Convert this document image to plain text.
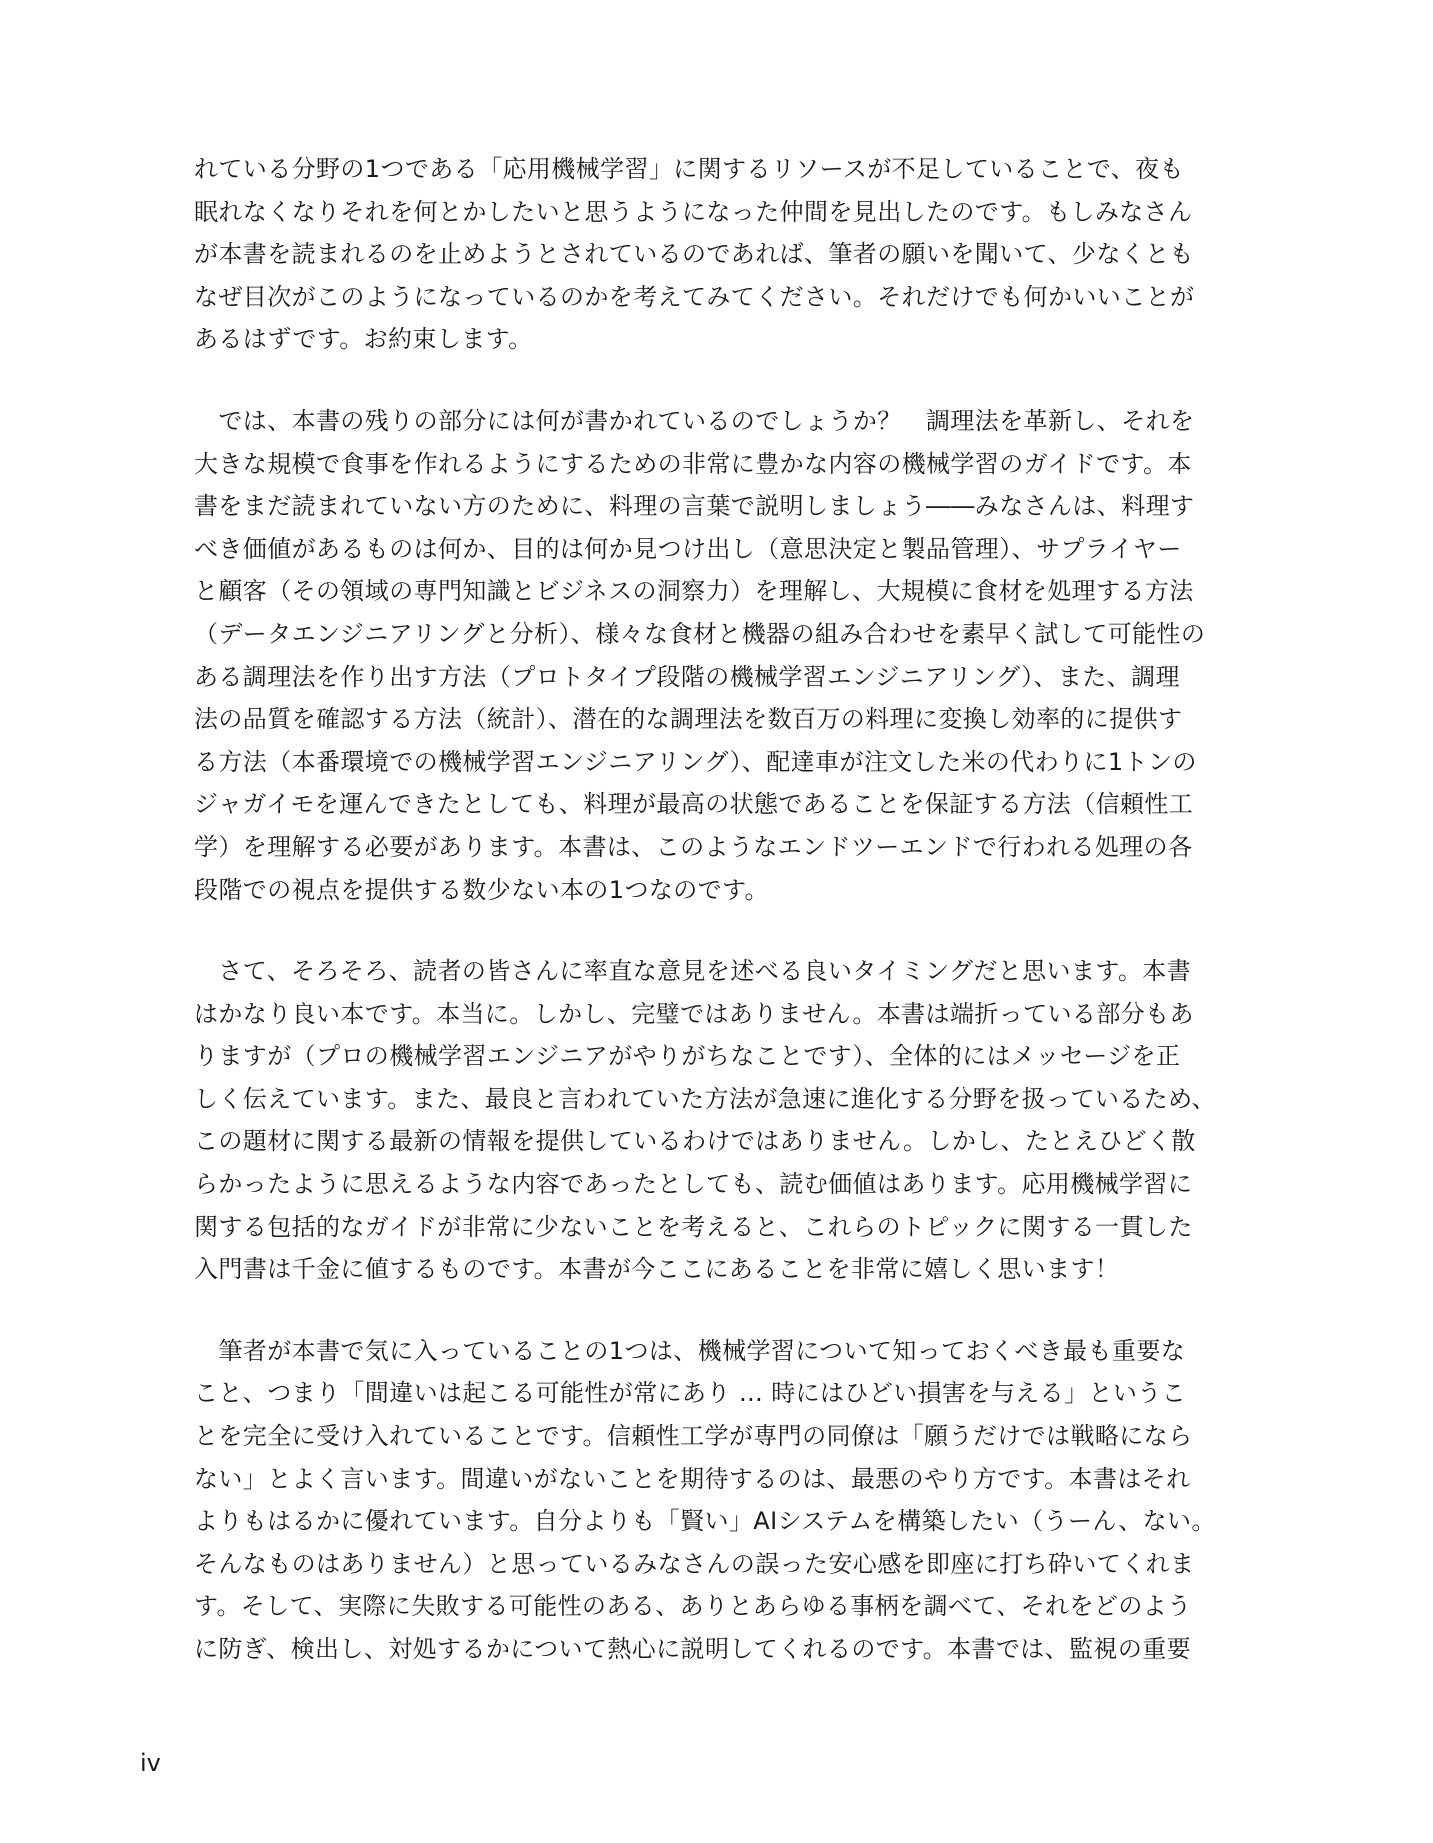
れている分野の1つである「応用機械学習」に関するリソースが不足していることで、夜も
眠れなくなりそれを何とかしたいと思うようになった仲間を見出したのです。もしみなさん
が本書を読まれるのを止めようとされているのであれば、筆者の願いを聞いて、少なくとも
なぜ目次がこのようになっているのかを考えてみてください。それだけでも何かいいことが
あるはずです。お約束します。
　では、本書の残りの部分には何が書かれているのでしょうか？　調理法を革新し、それを
大きな規模で食事を作れるようにするための非常に豊かな内容の機械学習のガイドです。本
書をまだ読まれていない方のために、料理の言葉で説明しましょう――みなさんは、料理す
べき価値があるものは何か、目的は何か見つけ出し（意思決定と製品管理）、サプライヤー
と顧客（その領域の専門知識とビジネスの洞察力）を理解し、大規模に食材を処理する方法
（データエンジニアリングと分析）、様々な食材と機器の組み合わせを素早く試して可能性の
ある調理法を作り出す方法（プロトタイプ段階の機械学習エンジニアリング）、また、調理
法の品質を確認する方法（統計）、潜在的な調理法を数百万の料理に変換し効率的に提供す
る方法（本番環境での機械学習エンジニアリング）、配達車が注文した米の代わりに1トンの
ジャガイモを運んできたとしても、料理が最高の状態であることを保証する方法（信頼性工
学）を理解する必要があります。本書は、このようなエンドツーエンドで行われる処理の各
段階での視点を提供する数少ない本の1つなのです。
　さて、そろそろ、読者の皆さんに率直な意見を述べる良いタイミングだと思います。本書
はかなり良い本です。本当に。しかし、完璧ではありません。本書は端折っている部分もあ
りますが（プロの機械学習エンジニアがやりがちなことです）、全体的にはメッセージを正
しく伝えています。また、最良と言われていた方法が急速に進化する分野を扱っているため、
この題材に関する最新の情報を提供しているわけではありません。しかし、たとえひどく散
らかったように思えるような内容であったとしても、読む価値はあります。応用機械学習に
関する包括的なガイドが非常に少ないことを考えると、これらのトピックに関する一貫した
入門書は千金に値するものです。本書が今ここにあることを非常に嬉しく思います！
　筆者が本書で気に入っていることの1つは、機械学習について知っておくべき最も重要な
こと、つまり「間違いは起こる可能性が常にあり … 時にはひどい損害を与える」というこ
とを完全に受け入れていることです。信頼性工学が専門の同僚は「願うだけでは戦略になら
ない」とよく言います。間違いがないことを期待するのは、最悪のやり方です。本書はそれ
よりもはるかに優れています。自分よりも「賢い」AIシステムを構築したい（うーん、ない。
そんなものはありません）と思っているみなさんの誤った安心感を即座に打ち砕いてくれま
す。そして、実際に失敗する可能性のある、ありとあらゆる事柄を調べて、それをどのよう
に防ぎ、検出し、対処するかについて熱心に説明してくれるのです。本書では、監視の重要
iv
